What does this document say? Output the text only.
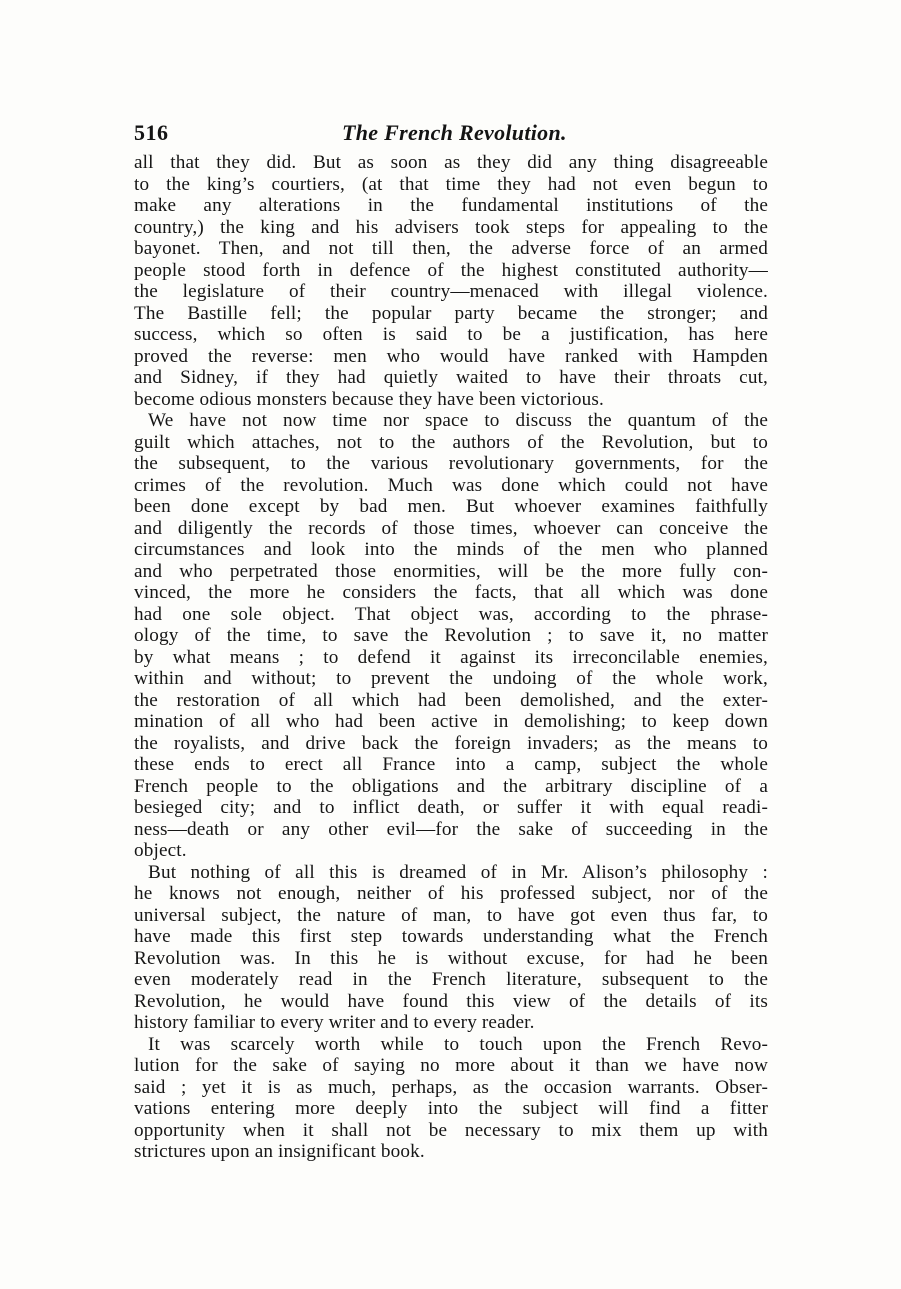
516	The French Revolution.
all that they did. But as soon as they did any thing disagreeable
to the king’s courtiers, (at that time they had not even begun to
make any alterations in the fundamental institutions of the
country,) the king and his advisers took steps for appealing to the
bayonet. Then, and not till then, the adverse force of an armed
people stood forth in defence of the highest constituted authority—
the legislature of their country—menaced with illegal violence.
The Bastille fell; the popular party became the stronger; and
success, which so often is said to be a justification, has here
proved the reverse: men who would have ranked with Hampden
and Sidney, if they had quietly waited to have their throats cut,
become odious monsters because they have been victorious.
We have not now time nor space to discuss the quantum of the
guilt which attaches, not to the authors of the Revolution, but to
the subsequent, to the various revolutionary governments, for the
crimes of the revolution. Much was done which could not have
been done except by bad men. But whoever examines faithfully
and diligently the records of those times, whoever can conceive the
circumstances and look into the minds of the men who planned
and who perpetrated those enormities, will be the more fully con-
vinced, the more he considers the facts, that all which was done
had one sole object. That object was, according to the phrase-
ology of the time, to save the Revolution ; to save it, no matter
by what means ; to defend it against its irreconcilable enemies,
within and without; to prevent the undoing of the whole work,
the restoration of all which had been demolished, and the exter-
mination of all who had been active in demolishing; to keep down
the royalists, and drive back the foreign invaders; as the means to
these ends to erect all France into a camp, subject the whole
French people to the obligations and the arbitrary discipline of a
besieged city; and to inflict death, or suffer it with equal readi-
ness—death or any other evil—for the sake of succeeding in the
object.
But nothing of all this is dreamed of in Mr. Alison’s philosophy :
he knows not enough, neither of his professed subject, nor of the
universal subject, the nature of man, to have got even thus far, to
have made this first step towards understanding what the French
Revolution was. In this he is without excuse, for had he been
even moderately read in the French literature, subsequent to the
Revolution, he would have found this view of the details of its
history familiar to every writer and to every reader.
It was scarcely worth while to touch upon the French Revo-
lution for the sake of saying no more about it than we have now
said ; yet it is as much, perhaps, as the occasion warrants. Obser-
vations entering more deeply into the subject will find a fitter
opportunity when it shall not be necessary to mix them up with
strictures upon an insignificant book.
